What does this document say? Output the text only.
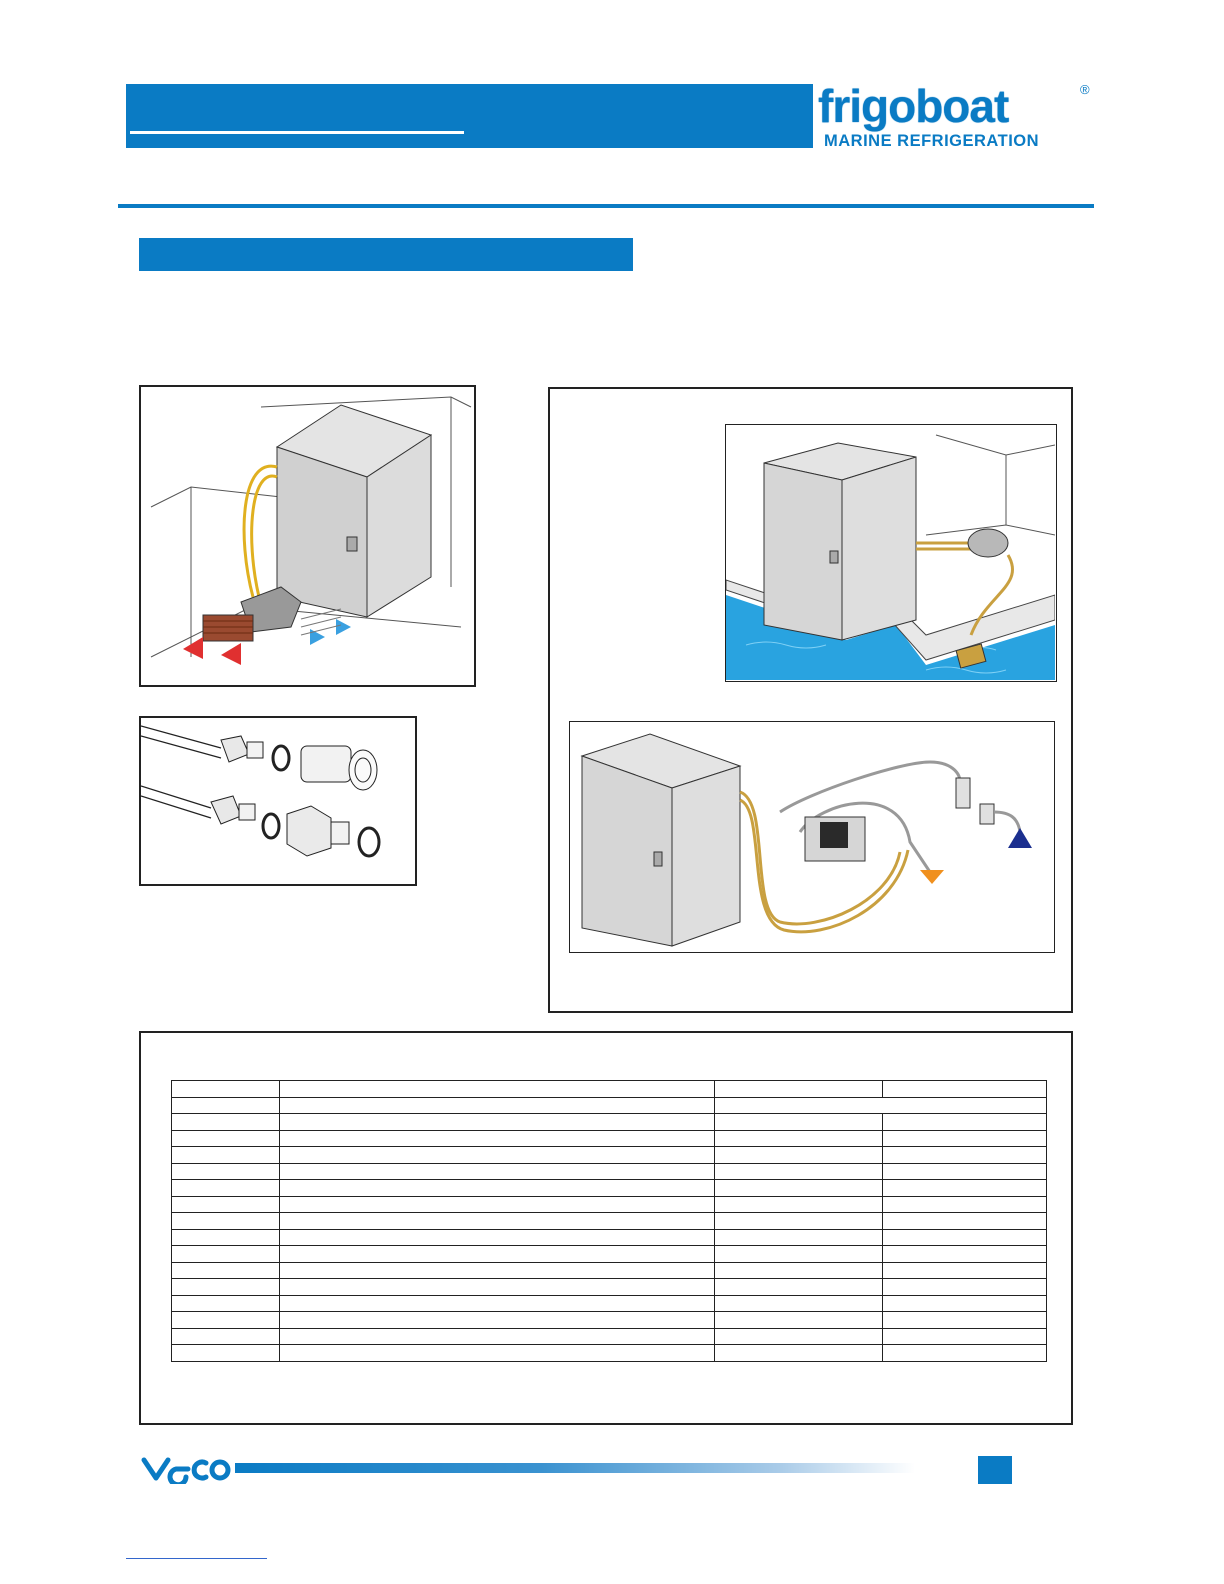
frigoboat	®
MARINE REFRIGERATION
